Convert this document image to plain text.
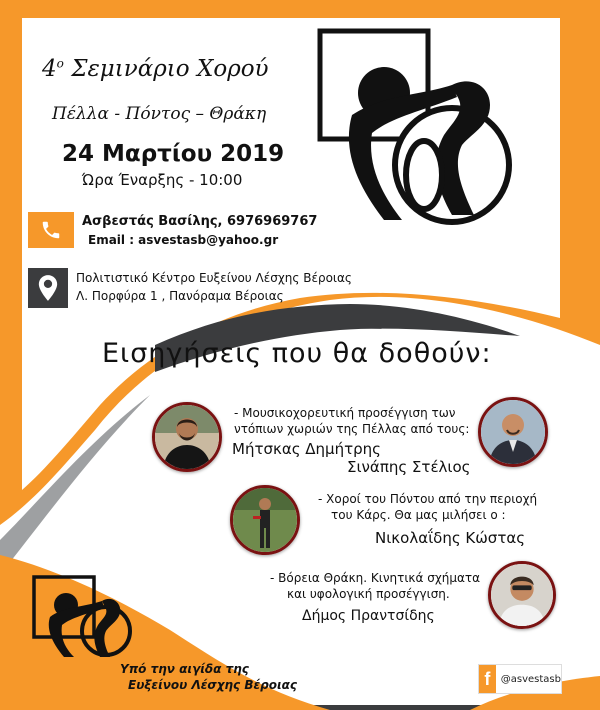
$4^o$ Σεμινάριο Χορού
Πέλλα - Πόντος – Θράκη
24 Μαρτίου 2019
Ώρα Έναρξης - 10:00
Ασβεστάς Βασίλης, 6976969767
Email : asvestasb@yahoo.gr
Πολιτιστικό Κέντρο Ευξείνου Λέσχης Βέροιας
Λ. Πορφύρα 1 , Πανόραμα Βέροιας
Εισηγήσεις που θα δοθούν:
- Μουσικοχορευτική προσέγγιση των
ντόπιων χωριών της Πέλλας από τους:
Μήτσκας Δημήτρης
Σινάπης Στέλιος
- Χοροί του Πόντου από την περιοχή
του Κάρς. Θα μας μιλήσει ο :
Νικολαΐδης Κώστας
- Βόρεια Θράκη. Κινητικά σχήματα
και υφολογική προσέγγιση.
Δήμος Πραντσίδης
Υπό την αιγίδα της
Ευξείνου Λέσχης Βέροιας	f	@asvestasb
